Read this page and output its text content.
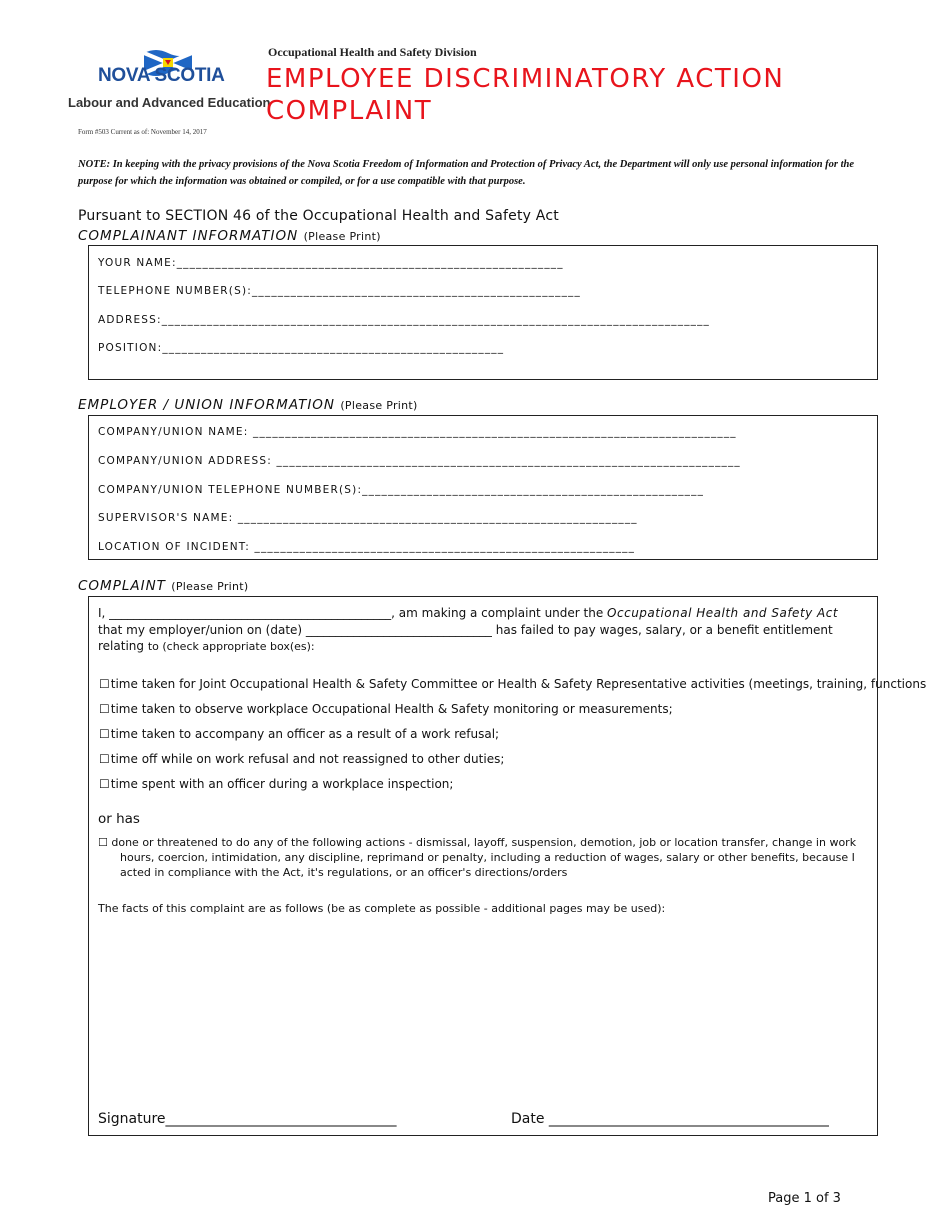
NOVA SCOTIA
Labour and Advanced Education
Occupational Health and Safety Division
EMPLOYEE DISCRIMINATORY ACTION COMPLAINT
Form #503 Current as of: November 14, 2017
NOTE: In keeping with the privacy provisions of the Nova Scotia Freedom of Information and Protection of Privacy Act, the Department will only use personal information for the purpose for which the information was obtained or compiled, or for a use compatible with that purpose.
Pursuant to SECTION 46 of the Occupational Health and Safety Act
COMPLAINANT INFORMATION (Please Print)
YOUR NAME:____________________________________________________________
TELEPHONE NUMBER(S):___________________________________________________
ADDRESS:_____________________________________________________________________________________
POSITION:_____________________________________________________
EMPLOYER / UNION INFORMATION (Please Print)
COMPANY/UNION NAME: ___________________________________________________________________________
COMPANY/UNION ADDRESS: ________________________________________________________________________
COMPANY/UNION TELEPHONE NUMBER(S):_____________________________________________________
SUPERVISOR'S NAME: ______________________________________________________________
LOCATION OF INCIDENT: ___________________________________________________________
COMPLAINT (Please Print)
I, _______________________________________________, am making a complaint under the Occupational Health and Safety Act that my employer/union on (date) _______________________________ has failed to pay wages, salary, or a benefit entitlement relating to (check appropriate box(es):
☐time taken for Joint Occupational Health & Safety Committee or Health & Safety Representative activities (meetings, training, functions
☐time taken to observe workplace Occupational Health & Safety monitoring or measurements;
☐time taken to accompany an officer as a result of a work refusal;
☐time off while on work refusal and not reassigned to other duties;
☐time spent with an officer during a workplace inspection;
or has
☐ done or threatened to do any of the following actions - dismissal, layoff, suspension, demotion, job or location transfer, change in work
hours, coercion, intimidation, any discipline, reprimand or penalty, including a reduction of wages, salary or other benefits, because I acted in compliance with the Act, it's regulations, or an officer's directions/orders
The facts of this complaint are as follows (be as complete as possible - additional pages may be used):
Signature_________________________________	Date ________________________________________
Page 1 of 3
